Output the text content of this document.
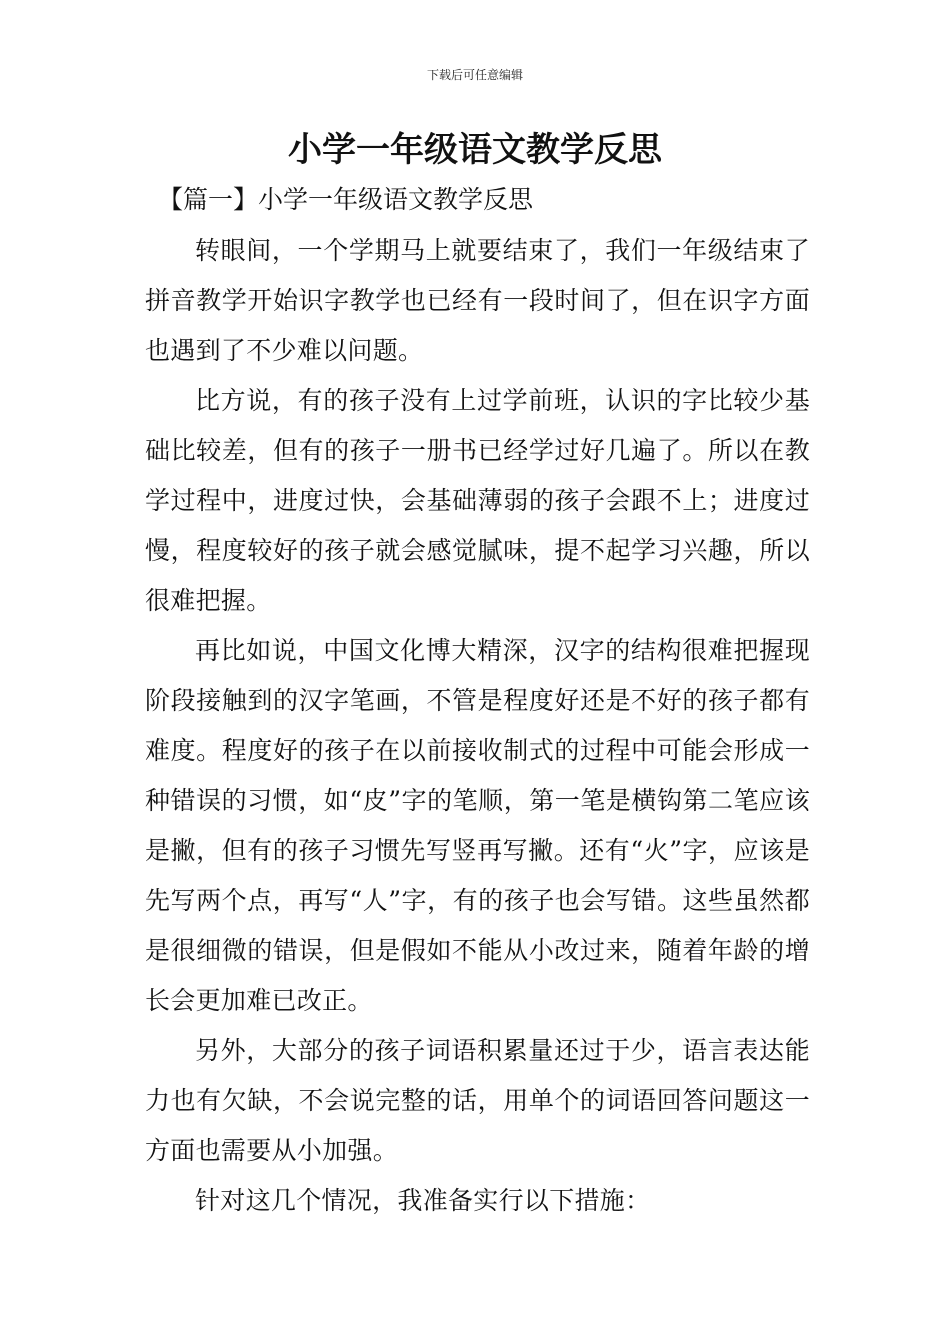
下载后可任意编辑
小学一年级语文教学反思

【篇一】小学一年级语文教学反思

转眼间，一个学期马上就要结束了，我们一年级结束了拼音教学开始识字教学也已经有一段时间了，但在识字方面也遇到了不少难以问题。

比方说，有的孩子没有上过学前班，认识的字比较少基础比较差，但有的孩子一册书已经学过好几遍了。所以在教学过程中，进度过快，会基础薄弱的孩子会跟不上；进度过慢，程度较好的孩子就会感觉腻味，提不起学习兴趣，所以很难把握。

再比如说，中国文化博大精深，汉字的结构很难把握现阶段接触到的汉字笔画，不管是程度好还是不好的孩子都有难度。程度好的孩子在以前接收制式的过程中可能会形成一种错误的习惯，如“皮”字的笔顺，第一笔是横钩第二笔应该是撇，但有的孩子习惯先写竖再写撇。还有“火”字，应该是先写两个点，再写“人”字，有的孩子也会写错。这些虽然都是很细微的错误，但是假如不能从小改过来，随着年龄的增长会更加难已改正。

另外，大部分的孩子词语积累量还过于少，语言表达能力也有欠缺，不会说完整的话，用单个的词语回答问题这一方面也需要从小加强。

针对这几个情况，我准备实行以下措施：
